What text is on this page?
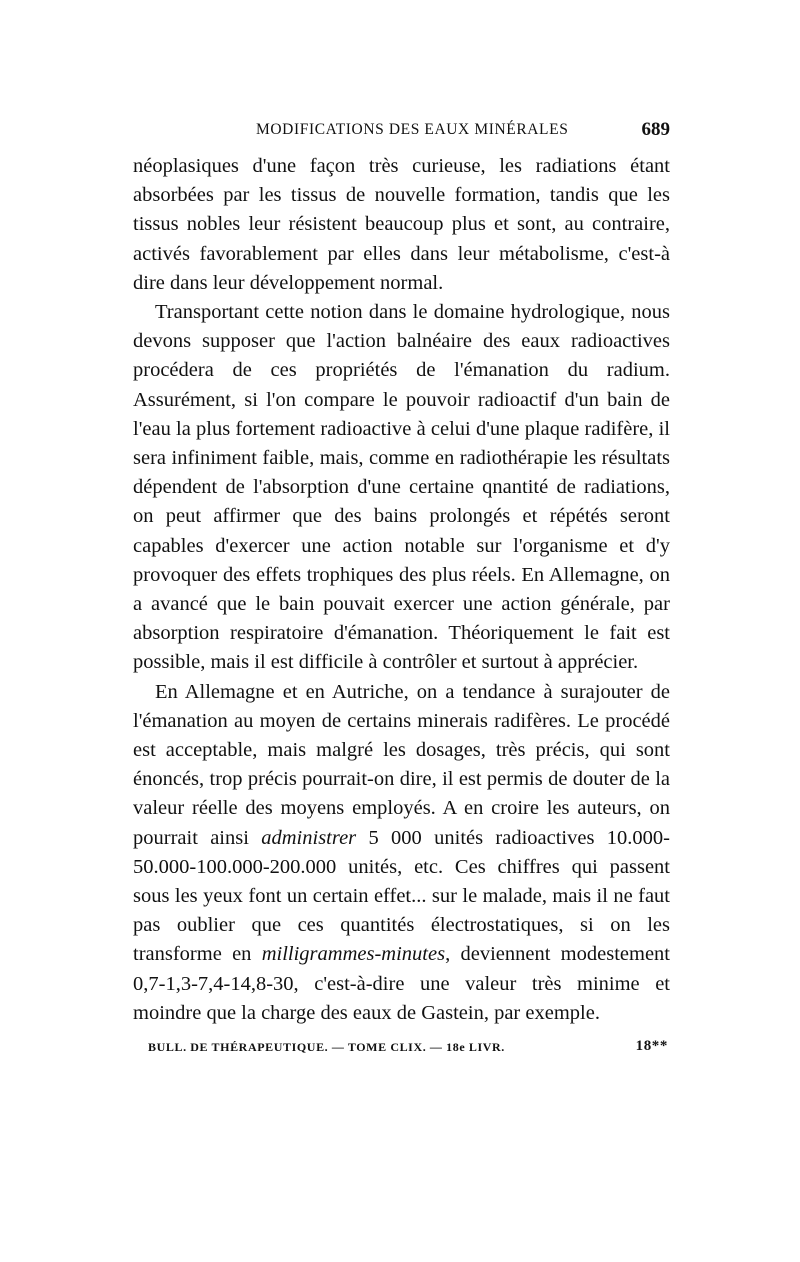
MODIFICATIONS DES EAUX MINÉRALES	689

néoplasiques d'une façon très curieuse, les radiations étant absorbées par les tissus de nouvelle formation, tandis que les tissus nobles leur résistent beaucoup plus et sont, au contraire, activés favorablement par elles dans leur métabolisme, c'est-à dire dans leur développement normal.

Transportant cette notion dans le domaine hydrologique, nous devons supposer que l'action balnéaire des eaux radioactives procédera de ces propriétés de l'émanation du radium. Assurément, si l'on compare le pouvoir radioactif d'un bain de l'eau la plus fortement radioactive à celui d'une plaque radifère, il sera infiniment faible, mais, comme en radiothérapie les résultats dépendent de l'absorption d'une certaine qnantité de radiations, on peut affirmer que des bains prolongés et répétés seront capables d'exercer une action notable sur l'organisme et d'y provoquer des effets trophiques des plus réels. En Allemagne, on a avancé que le bain pouvait exercer une action générale, par absorption respiratoire d'émanation. Théoriquement le fait est possible, mais il est difficile à contrôler et surtout à apprécier.

En Allemagne et en Autriche, on a tendance à surajouter de l'émanation au moyen de certains minerais radifères. Le procédé est acceptable, mais malgré les dosages, très précis, qui sont énoncés, trop précis pourrait-on dire, il est permis de douter de la valeur réelle des moyens employés. A en croire les auteurs, on pourrait ainsi administrer 5 000 unités radioactives 10.000-50.000-100.000-200.000 unités, etc. Ces chiffres qui passent sous les yeux font un certain effet... sur le malade, mais il ne faut pas oublier que ces quantités électrostatiques, si on les transforme en milligrammes-minutes, deviennent modestement 0,7-1,3-7,4-14,8-30, c'est-à-dire une valeur très minime et moindre que la charge des eaux de Gastein, par exemple.

BULL. DE THÉRAPEUTIQUE. — TOME CLIX. — 18e LIVR.	18**
